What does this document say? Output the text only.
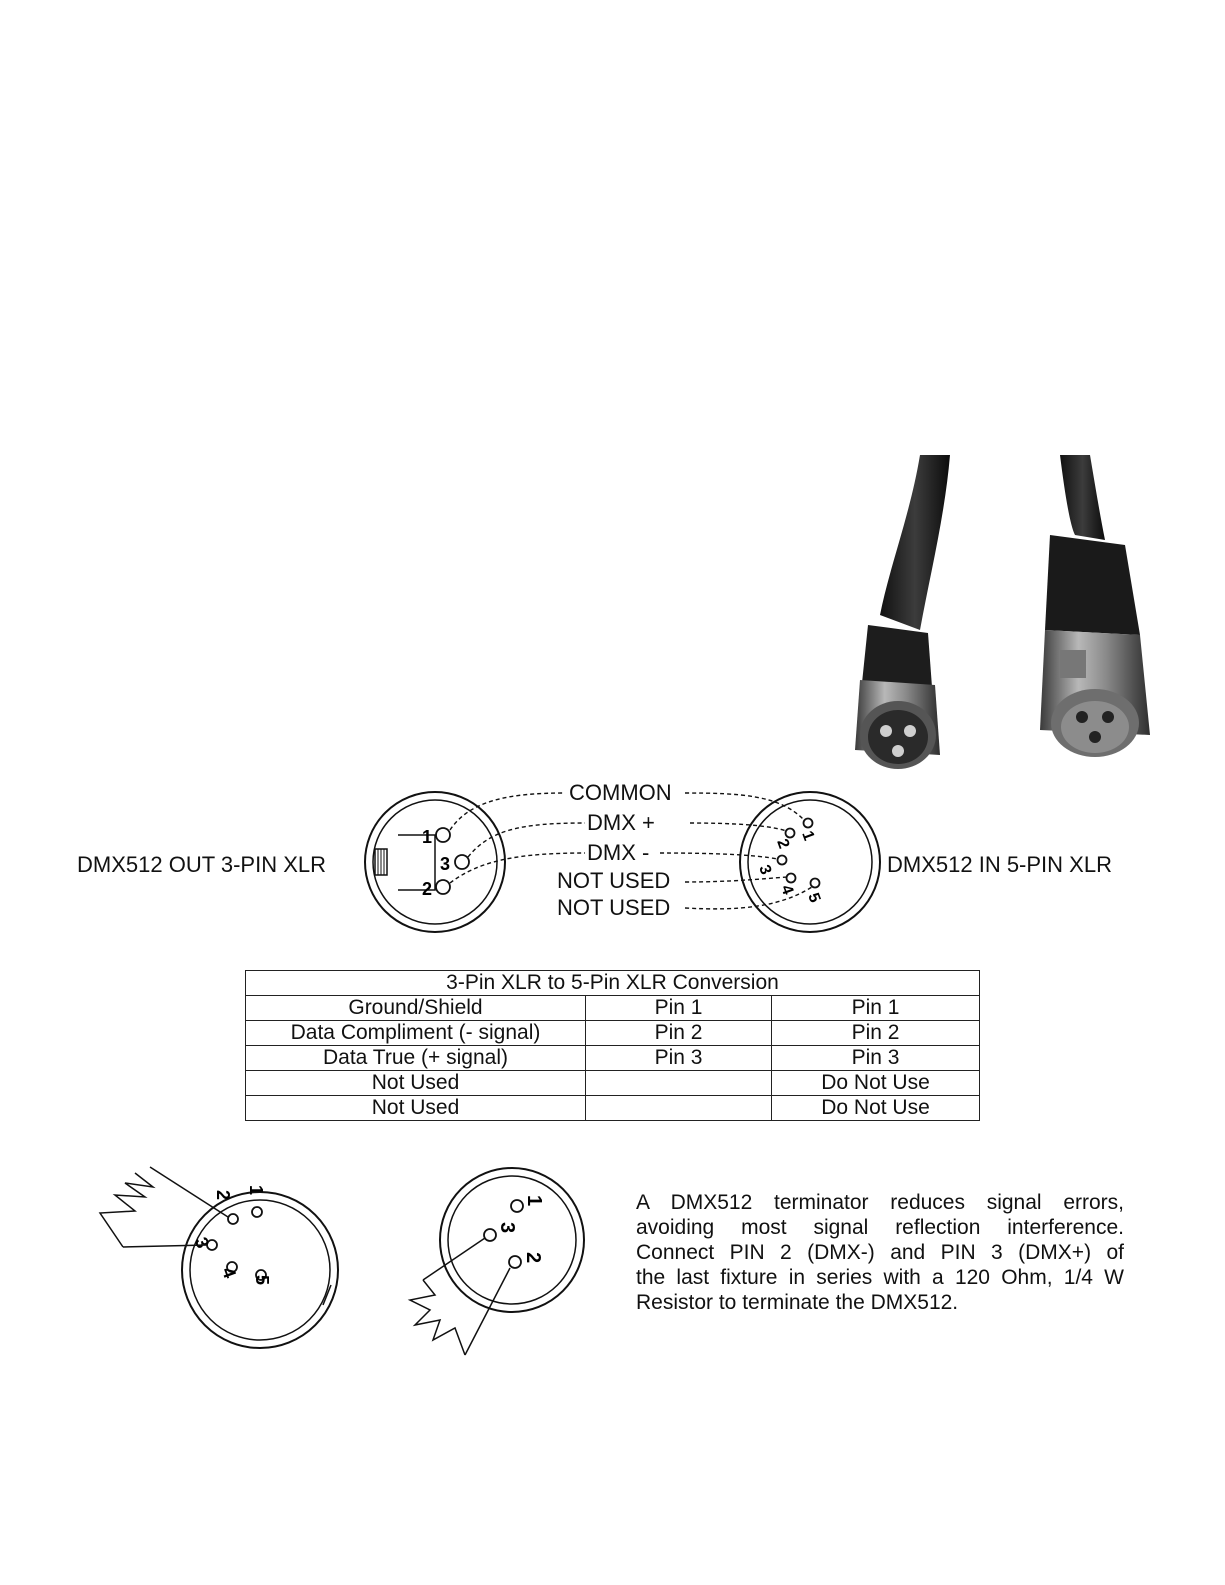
DMX512 OUT 3-PIN XLR	DMX512 IN 5-PIN XLR
1
3
2
1
2
3
4
5
COMMON
DMX +
DMX -
NOT USED
NOT USED
3-Pin XLR to 5-Pin XLR Conversion		
Ground/Shield	Pin 1	Pin 1
Data Compliment (- signal)	Pin 2	Pin 2
Data True (+ signal)	Pin 3	Pin 3
Not Used		Do Not Use
Not Used		Do Not Use
1
2
3
4 5
1
3
2
A DMX512 terminator reduces signal errors,
avoiding most signal reflection interference.
Connect PIN 2 (DMX-) and PIN 3 (DMX+) of
the last fixture in series with a 120 Ohm, 1/4 W
Resistor to terminate the DMX512.
